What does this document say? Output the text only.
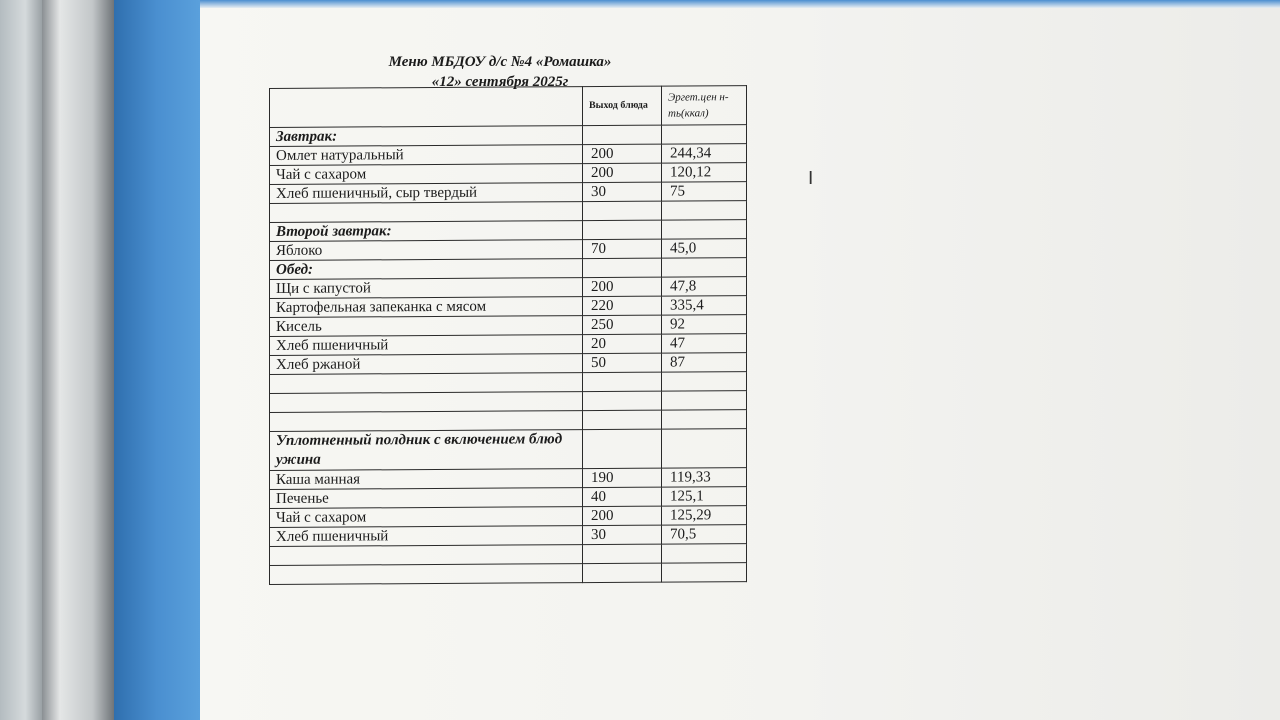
Меню МБДОУ д/с №4 «Ромашка»
«12» сентября 2025г
	Выход блюда	Эргет.цен н-ть(ккал)
Завтрак:		
Омлет натуральный	200	244,34
Чай с сахаром	200	120,12
Хлеб пшеничный, сыр твердый	30	75

Второй завтрак:		
Яблоко	70	45,0
Обед:		
Щи с капустой	200	47,8
Картофельная запеканка с мясом	220	335,4
Кисель	250	92
Хлеб пшеничный	20	47
Хлеб ржаной	50	87

Уплотненный полдник с включением блюд ужина		
Каша манная	190	119,33
Печенье	40	125,1
Чай с сахаром	200	125,29
Хлеб пшеничный	30	70,5

I
